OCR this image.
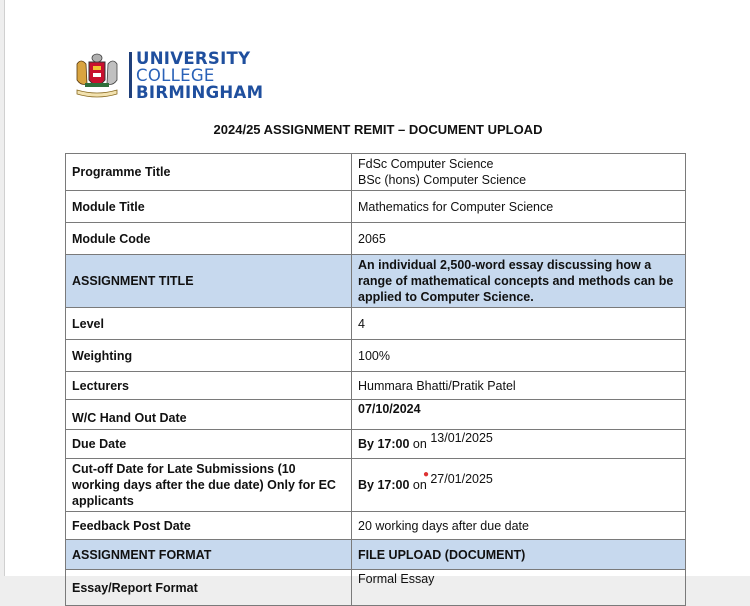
UNIVERSITY
COLLEGE
BIRMINGHAM
2024/25 ASSIGNMENT REMIT – DOCUMENT UPLOAD
Programme Title	FdSc Computer Science
BSc (hons) Computer Science

Module Title	Mathematics for Computer Science
Module Code	2065
ASSIGNMENT TITLE	An individual 2,500-word essay discussing how a range of mathematical concepts and methods can be applied to Computer Science.
Level	4
Weighting	100%
Lecturers	Hummara Bhatti/Pratik Patel
W/C Hand Out Date	07/10/2024
Due Date	By 17:00 on 13/01/2025
Cut-off Date for Late Submissions (10 working days after the due date) Only for EC applicants	By 17:00 on 27/01/2025
●

Feedback Post Date	20 working days after due date
ASSIGNMENT FORMAT	FILE UPLOAD (DOCUMENT)
Essay/Report Format	Formal Essay
